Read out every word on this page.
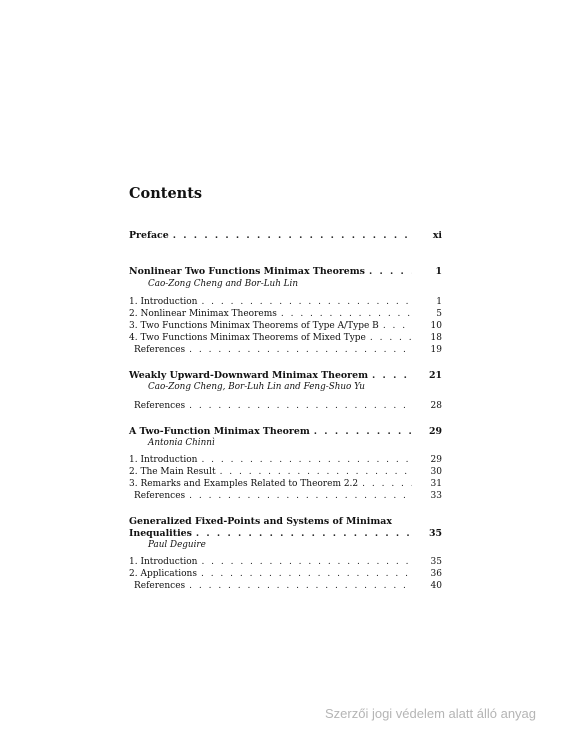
Contents
Preface . . .	xi
Nonlinear Two Functions Minimax Theorems . . .	1
Cao-Zong Cheng and Bor-Luh Lin
1. Introduction . . .	1
2. Nonlinear Minimax Theorems . . .	5
3. Two Functions Minimax Theorems of Type A/Type B . . .	10
4. Two Functions Minimax Theorems of Mixed Type . . .	18
References . . .	19
Weakly Upward-Downward Minimax Theorem . . .	21
Cao-Zong Cheng, Bor-Luh Lin and Feng-Shuo Yu
References . . .	28
A Two-Function Minimax Theorem . . .	29
Antonia Chinnì
1. Introduction . . .	29
2. The Main Result . . .	30
3. Remarks and Examples Related to Theorem 2.2 . . .	31
References . . .	33
Generalized Fixed-Points and Systems of Minimax
Inequalities . . .	35
Paul Deguire
1. Introduction . . .	35
2. Applications . . .	36
References . . .	40
Szerzői jogi védelem alatt álló anyag
